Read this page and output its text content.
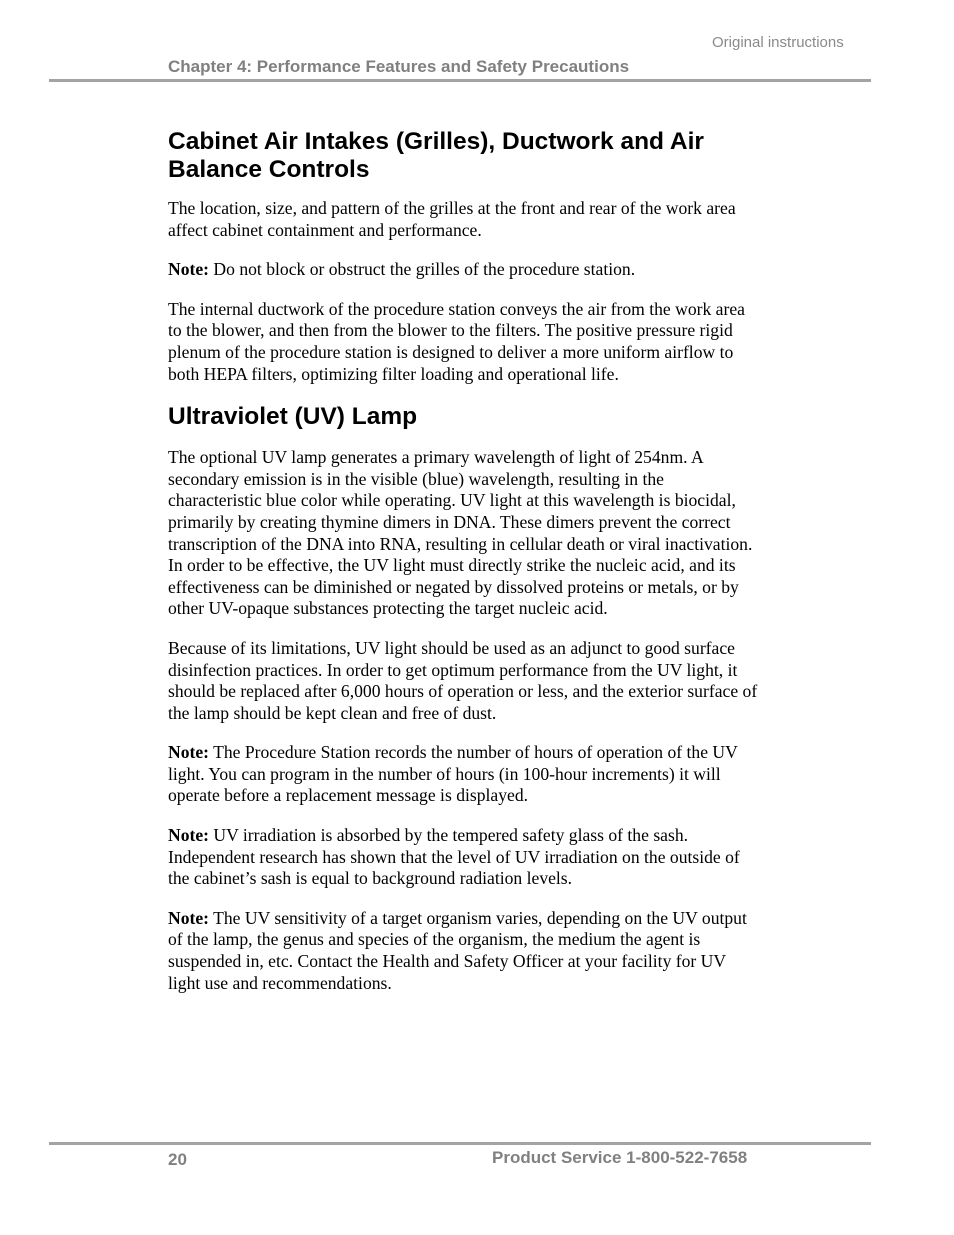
Original instructions
Chapter 4: Performance Features and Safety Precautions
Cabinet Air Intakes (Grilles), Ductwork and Air Balance Controls

The location, size, and pattern of the grilles at the front and rear of the work area affect cabinet containment and performance.

Note: Do not block or obstruct the grilles of the procedure station.

The internal ductwork of the procedure station conveys the air from the work area to the blower, and then from the blower to the filters. The positive pressure rigid plenum of the procedure station is designed to deliver a more uniform airflow to both HEPA filters, optimizing filter loading and operational life.

Ultraviolet (UV) Lamp

The optional UV lamp generates a primary wavelength of light of 254nm. A secondary emission is in the visible (blue) wavelength, resulting in the characteristic blue color while operating. UV light at this wavelength is biocidal, primarily by creating thymine dimers in DNA. These dimers prevent the correct transcription of the DNA into RNA, resulting in cellular death or viral inactivation. In order to be effective, the UV light must directly strike the nucleic acid, and its effectiveness can be diminished or negated by dissolved proteins or metals, or by other UV-opaque substances protecting the target nucleic acid.

Because of its limitations, UV light should be used as an adjunct to good surface disinfection practices. In order to get optimum performance from the UV light, it should be replaced after 6,000 hours of operation or less, and the exterior surface of the lamp should be kept clean and free of dust.

Note: The Procedure Station records the number of hours of operation of the UV light. You can program in the number of hours (in 100-hour increments) it will operate before a replacement message is displayed.

Note: UV irradiation is absorbed by the tempered safety glass of the sash. Independent research has shown that the level of UV irradiation on the outside of the cabinet’s sash is equal to background radiation levels.

Note: The UV sensitivity of a target organism varies, depending on the UV output of the lamp, the genus and species of the organism, the medium the agent is suspended in, etc. Contact the Health and Safety Officer at your facility for UV light use and recommendations.

20	Product Service 1-800-522-7658
